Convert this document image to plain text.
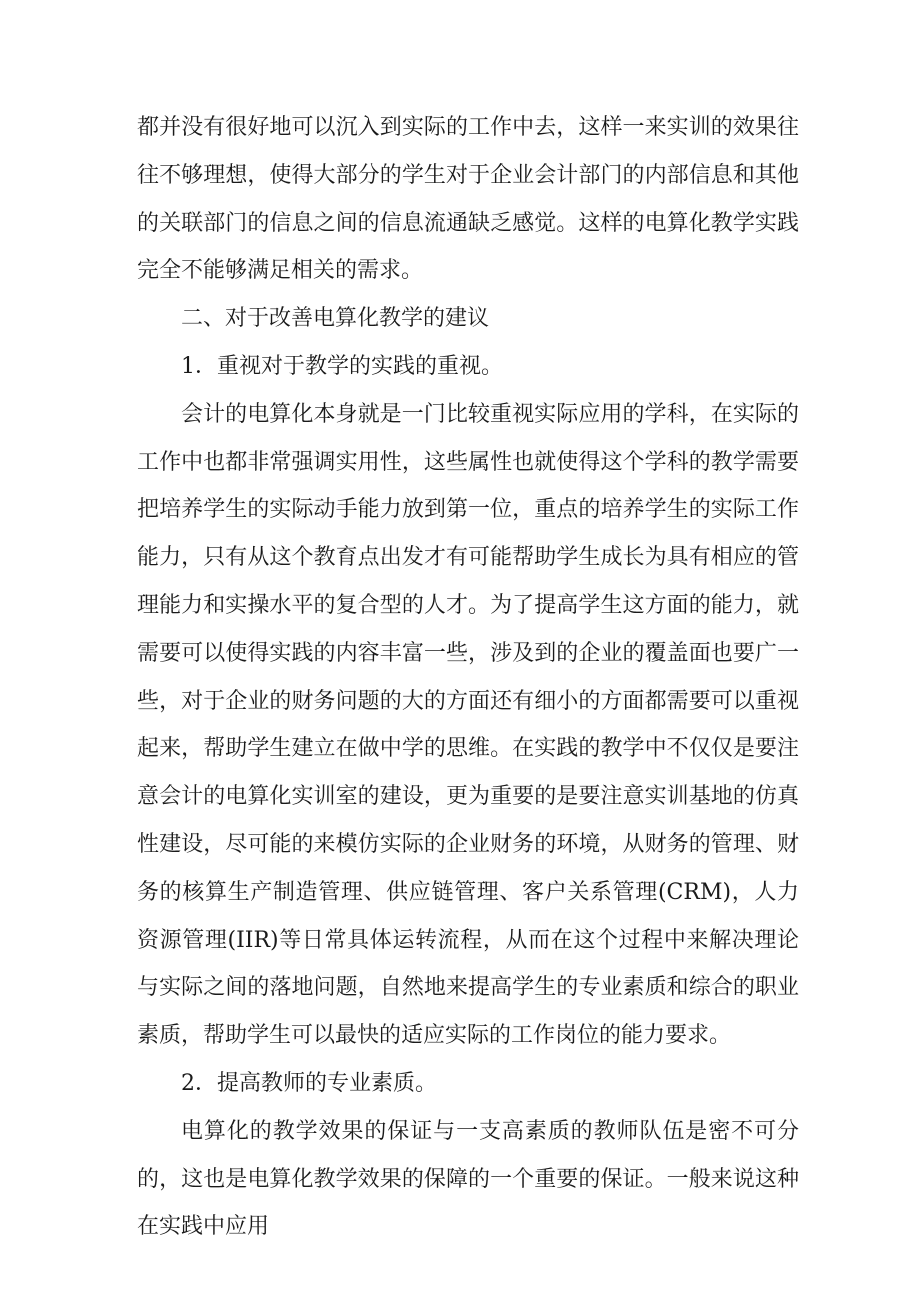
都并没有很好地可以沉入到实际的工作中去，这样一来实训的效果往往不够理想，使得大部分的学生对于企业会计部门的内部信息和其他的关联部门的信息之间的信息流通缺乏感觉。这样的电算化教学实践完全不能够满足相关的需求。

二、对于改善电算化教学的建议

1．重视对于教学的实践的重视。

会计的电算化本身就是一门比较重视实际应用的学科，在实际的工作中也都非常强调实用性，这些属性也就使得这个学科的教学需要把培养学生的实际动手能力放到第一位，重点的培养学生的实际工作能力，只有从这个教育点出发才有可能帮助学生成长为具有相应的管理能力和实操水平的复合型的人才。为了提高学生这方面的能力，就需要可以使得实践的内容丰富一些，涉及到的企业的覆盖面也要广一些，对于企业的财务问题的大的方面还有细小的方面都需要可以重视起来，帮助学生建立在做中学的思维。在实践的教学中不仅仅是要注意会计的电算化实训室的建设，更为重要的是要注意实训基地的仿真性建设，尽可能的来模仿实际的企业财务的环境，从财务的管理、财务的核算生产制造管理、供应链管理、客户关系管理(CRM)，人力资源管理(IIR)等日常具体运转流程，从而在这个过程中来解决理论与实际之间的落地问题，自然地来提高学生的专业素质和综合的职业素质，帮助学生可以最快的适应实际的工作岗位的能力要求。

2．提高教师的专业素质。

电算化的教学效果的保证与一支高素质的教师队伍是密不可分的，这也是电算化教学效果的保障的一个重要的保证。一般来说这种在实践中应用
